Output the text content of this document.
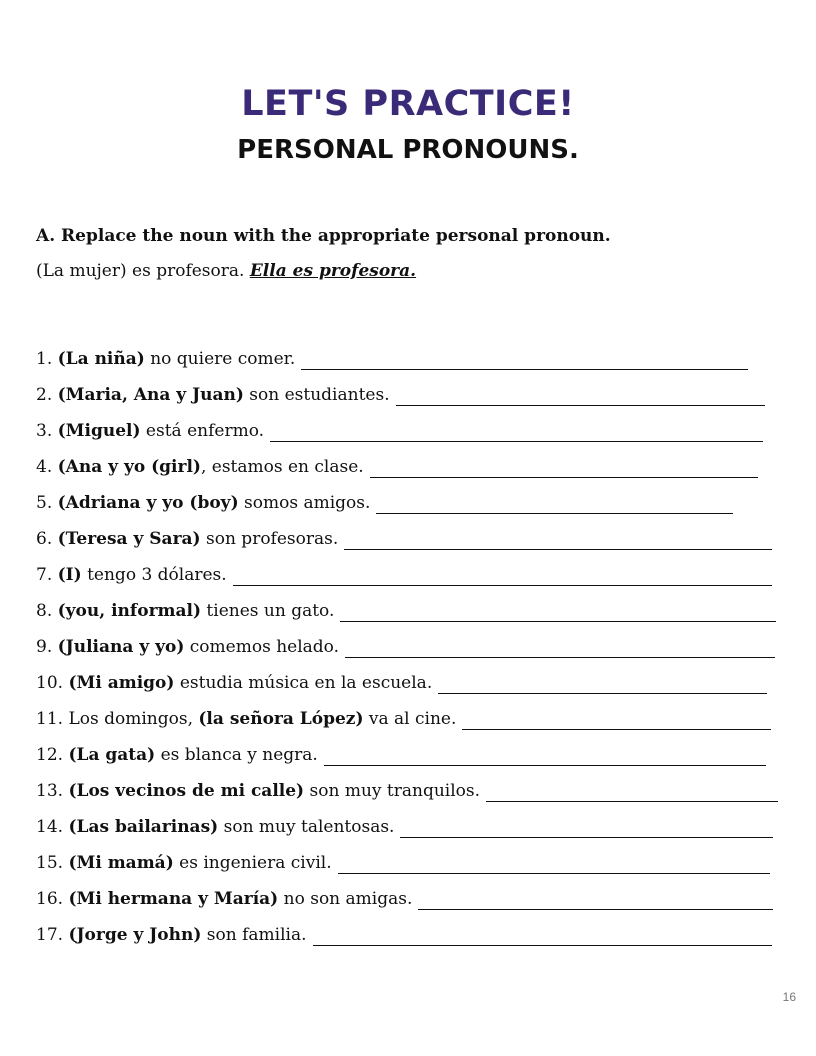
LET'S PRACTICE!
PERSONAL PRONOUNS.
A. Replace the noun with the appropriate personal pronoun.
(La mujer) es profesora. Ella es profesora.
1. (La niña) no quiere comer.
2. (Maria, Ana y Juan) son estudiantes.
3. (Miguel) está enfermo.
4. (Ana y yo (girl), estamos en clase.
5. (Adriana y yo (boy) somos amigos.
6. (Teresa y Sara) son profesoras.
7. (I) tengo 3 dólares.
8. (you, informal) tienes un gato.
9. (Juliana y yo) comemos helado.
10. (Mi amigo) estudia música en la escuela.
11. Los domingos, (la señora López) va al cine.
12. (La gata) es blanca y negra.
13. (Los vecinos de mi calle) son muy tranquilos.
14. (Las bailarinas) son muy talentosas.
15. (Mi mamá) es ingeniera civil.
16. (Mi hermana y María) no son amigas.
17. (Jorge y John) son familia.
16
